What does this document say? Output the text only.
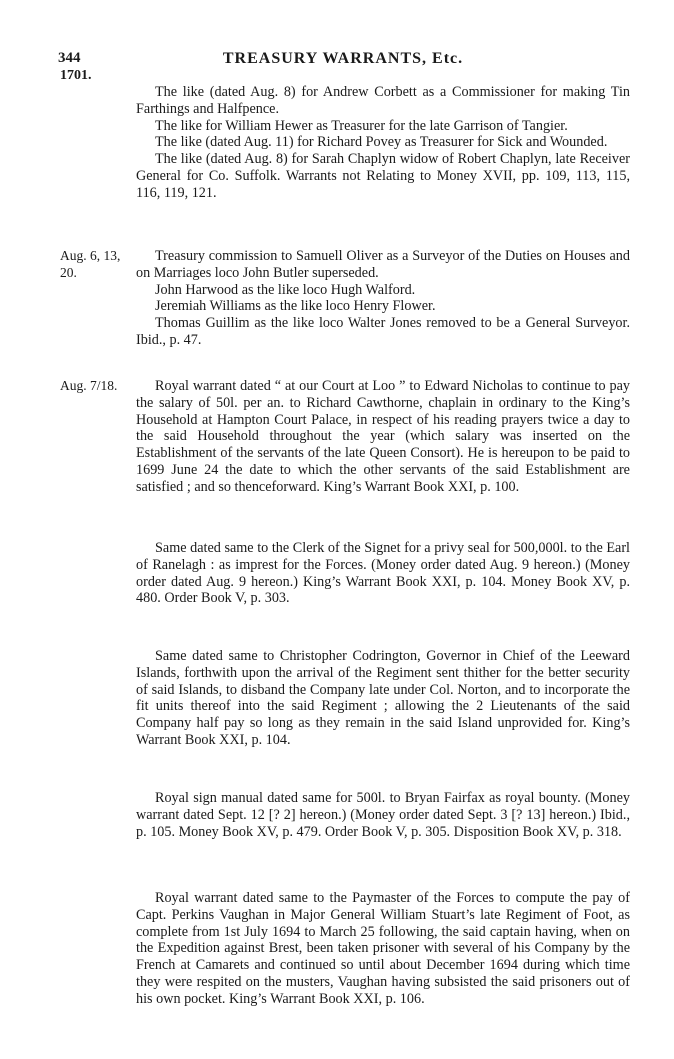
344	TREASURY WARRANTS, Etc.
1701.

The like (dated Aug. 8) for Andrew Corbett as a Commissioner for making Tin Farthings and Halfpence.

The like for William Hewer as Treasurer for the late Garrison of Tangier.

The like (dated Aug. 11) for Richard Povey as Treasurer for Sick and Wounded.

The like (dated Aug. 8) for Sarah Chaplyn widow of Robert Chaplyn, late Receiver General for Co. Suffolk. Warrants not Relating to Money XVII, pp. 109, 113, 115, 116, 119, 121.

Aug. 6, 13, 20.

Treasury commission to Samuell Oliver as a Surveyor of the Duties on Houses and on Marriages loco John Butler superseded.

John Harwood as the like loco Hugh Walford.

Jeremiah Williams as the like loco Henry Flower.

Thomas Guillim as the like loco Walter Jones removed to be a General Surveyor. Ibid., p. 47.

Aug. 7/18.	Royal warrant dated “ at our Court at Loo ” to Edward Nicholas to continue to pay the salary of 50l. per an. to Richard Cawthorne, chaplain in ordinary to the King’s Household at Hampton Court Palace, in respect of his reading prayers twice a day to the said Household throughout the year (which salary was inserted on the Establishment of the servants of the late Queen Consort). He is hereupon to be paid to 1699 June 24 the date to which the other servants of the said Establishment are satisfied ; and so thenceforward. King’s Warrant Book XXI, p. 100.

Same dated same to the Clerk of the Signet for a privy seal for 500,000l. to the Earl of Ranelagh : as imprest for the Forces. (Money order dated Aug. 9 hereon.) (Money order dated Aug. 9 hereon.) King’s Warrant Book XXI, p. 104. Money Book XV, p. 480. Order Book V, p. 303.

Same dated same to Christopher Codrington, Governor in Chief of the Leeward Islands, forthwith upon the arrival of the Regiment sent thither for the better security of said Islands, to disband the Company late under Col. Norton, and to incorporate the fit units thereof into the said Regiment ; allowing the 2 Lieutenants of the said Company half pay so long as they remain in the said Island unprovided for. King’s Warrant Book XXI, p. 104.

Royal sign manual dated same for 500l. to Bryan Fairfax as royal bounty. (Money warrant dated Sept. 12 [? 2] hereon.) (Money order dated Sept. 3 [? 13] hereon.) Ibid., p. 105. Money Book XV, p. 479. Order Book V, p. 305. Disposition Book XV, p. 318.

Royal warrant dated same to the Paymaster of the Forces to compute the pay of Capt. Perkins Vaughan in Major General William Stuart’s late Regiment of Foot, as complete from 1st July 1694 to March 25 following, the said captain having, when on the Expedition against Brest, been taken prisoner with several of his Company by the French at Camarets and continued so until about December 1694 during which time they were respited on the musters, Vaughan having subsisted the said prisoners out of his own pocket. King’s Warrant Book XXI, p. 106.
